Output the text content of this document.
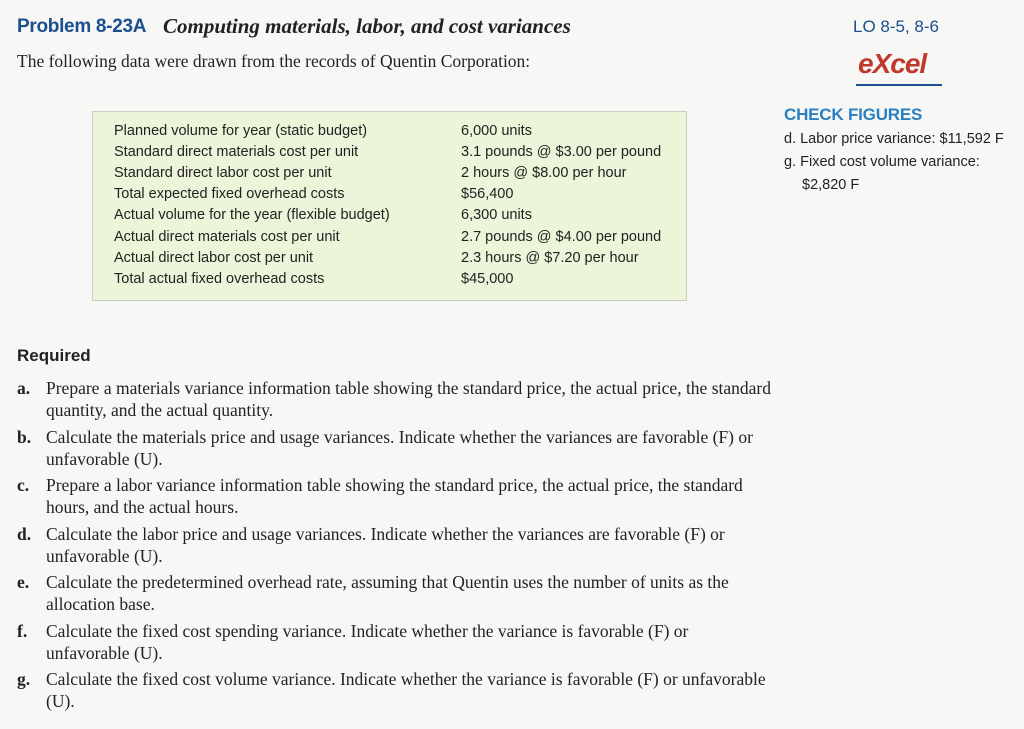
Problem 8-23A Computing materials, labor, and cost variances	LO 8-5, 8-6
The following data were drawn from the records of Quentin Corporation:	eXcel
Planned volume for year (static budget)	6,000 units
Standard direct materials cost per unit	3.1 pounds @ $3.00 per pound
Standard direct labor cost per unit	2 hours @ $8.00 per hour
Total expected fixed overhead costs	$56,400
Actual volume for the year (flexible budget)	6,300 units
Actual direct materials cost per unit	2.7 pounds @ $4.00 per pound
Actual direct labor cost per unit	2.3 hours @ $7.20 per hour
Total actual fixed overhead costs	$45,000
CHECK FIGURES
d. Labor price variance: $11,592 F
g. Fixed cost volume variance:
$2,820 F
Required
a. Prepare a materials variance information table showing the standard price, the actual price, the standard quantity, and the actual quantity.
b. Calculate the materials price and usage variances. Indicate whether the variances are favorable (F) or unfavorable (U).
c. Prepare a labor variance information table showing the standard price, the actual price, the standard hours, and the actual hours.
d. Calculate the labor price and usage variances. Indicate whether the variances are favorable (F) or unfavorable (U).
e. Calculate the predetermined overhead rate, assuming that Quentin uses the number of units as the allocation base.
f. Calculate the fixed cost spending variance. Indicate whether the variance is favorable (F) or unfavorable (U).
g. Calculate the fixed cost volume variance. Indicate whether the variance is favorable (F) or unfavorable (U).
